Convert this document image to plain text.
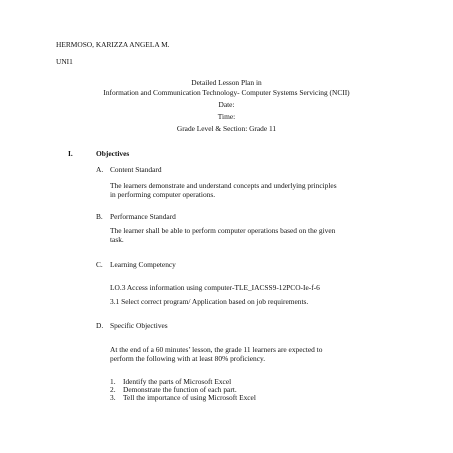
HERMOSO, KARIZZA ANGELA M.
UNI1
Detailed Lesson Plan in
Information and Communication Technology- Computer Systems Servicing (NCII)
Date:
Time:
Grade Level & Section: Grade 11
I.	Objectives
A. Content Standard
The learners demonstrate and understand concepts and underlying principles
in performing computer operations.
B. Performance Standard
The learner shall be able to perform computer operations based on the given
task.
C. Learning Competency
LO.3 Access information using computer-TLE_IACSS9-12PCO-Ie-f-6
3.1 Select correct program/ Application based on job requirements.
D. Specific Objectives
At the end of a 60 minutes’ lesson, the grade 11 learners are expected to
perform the following with at least 80% proficiency.
1. Identify the parts of Microsoft Excel
2. Demonstrate the function of each part.
3. Tell the importance of using Microsoft Excel
